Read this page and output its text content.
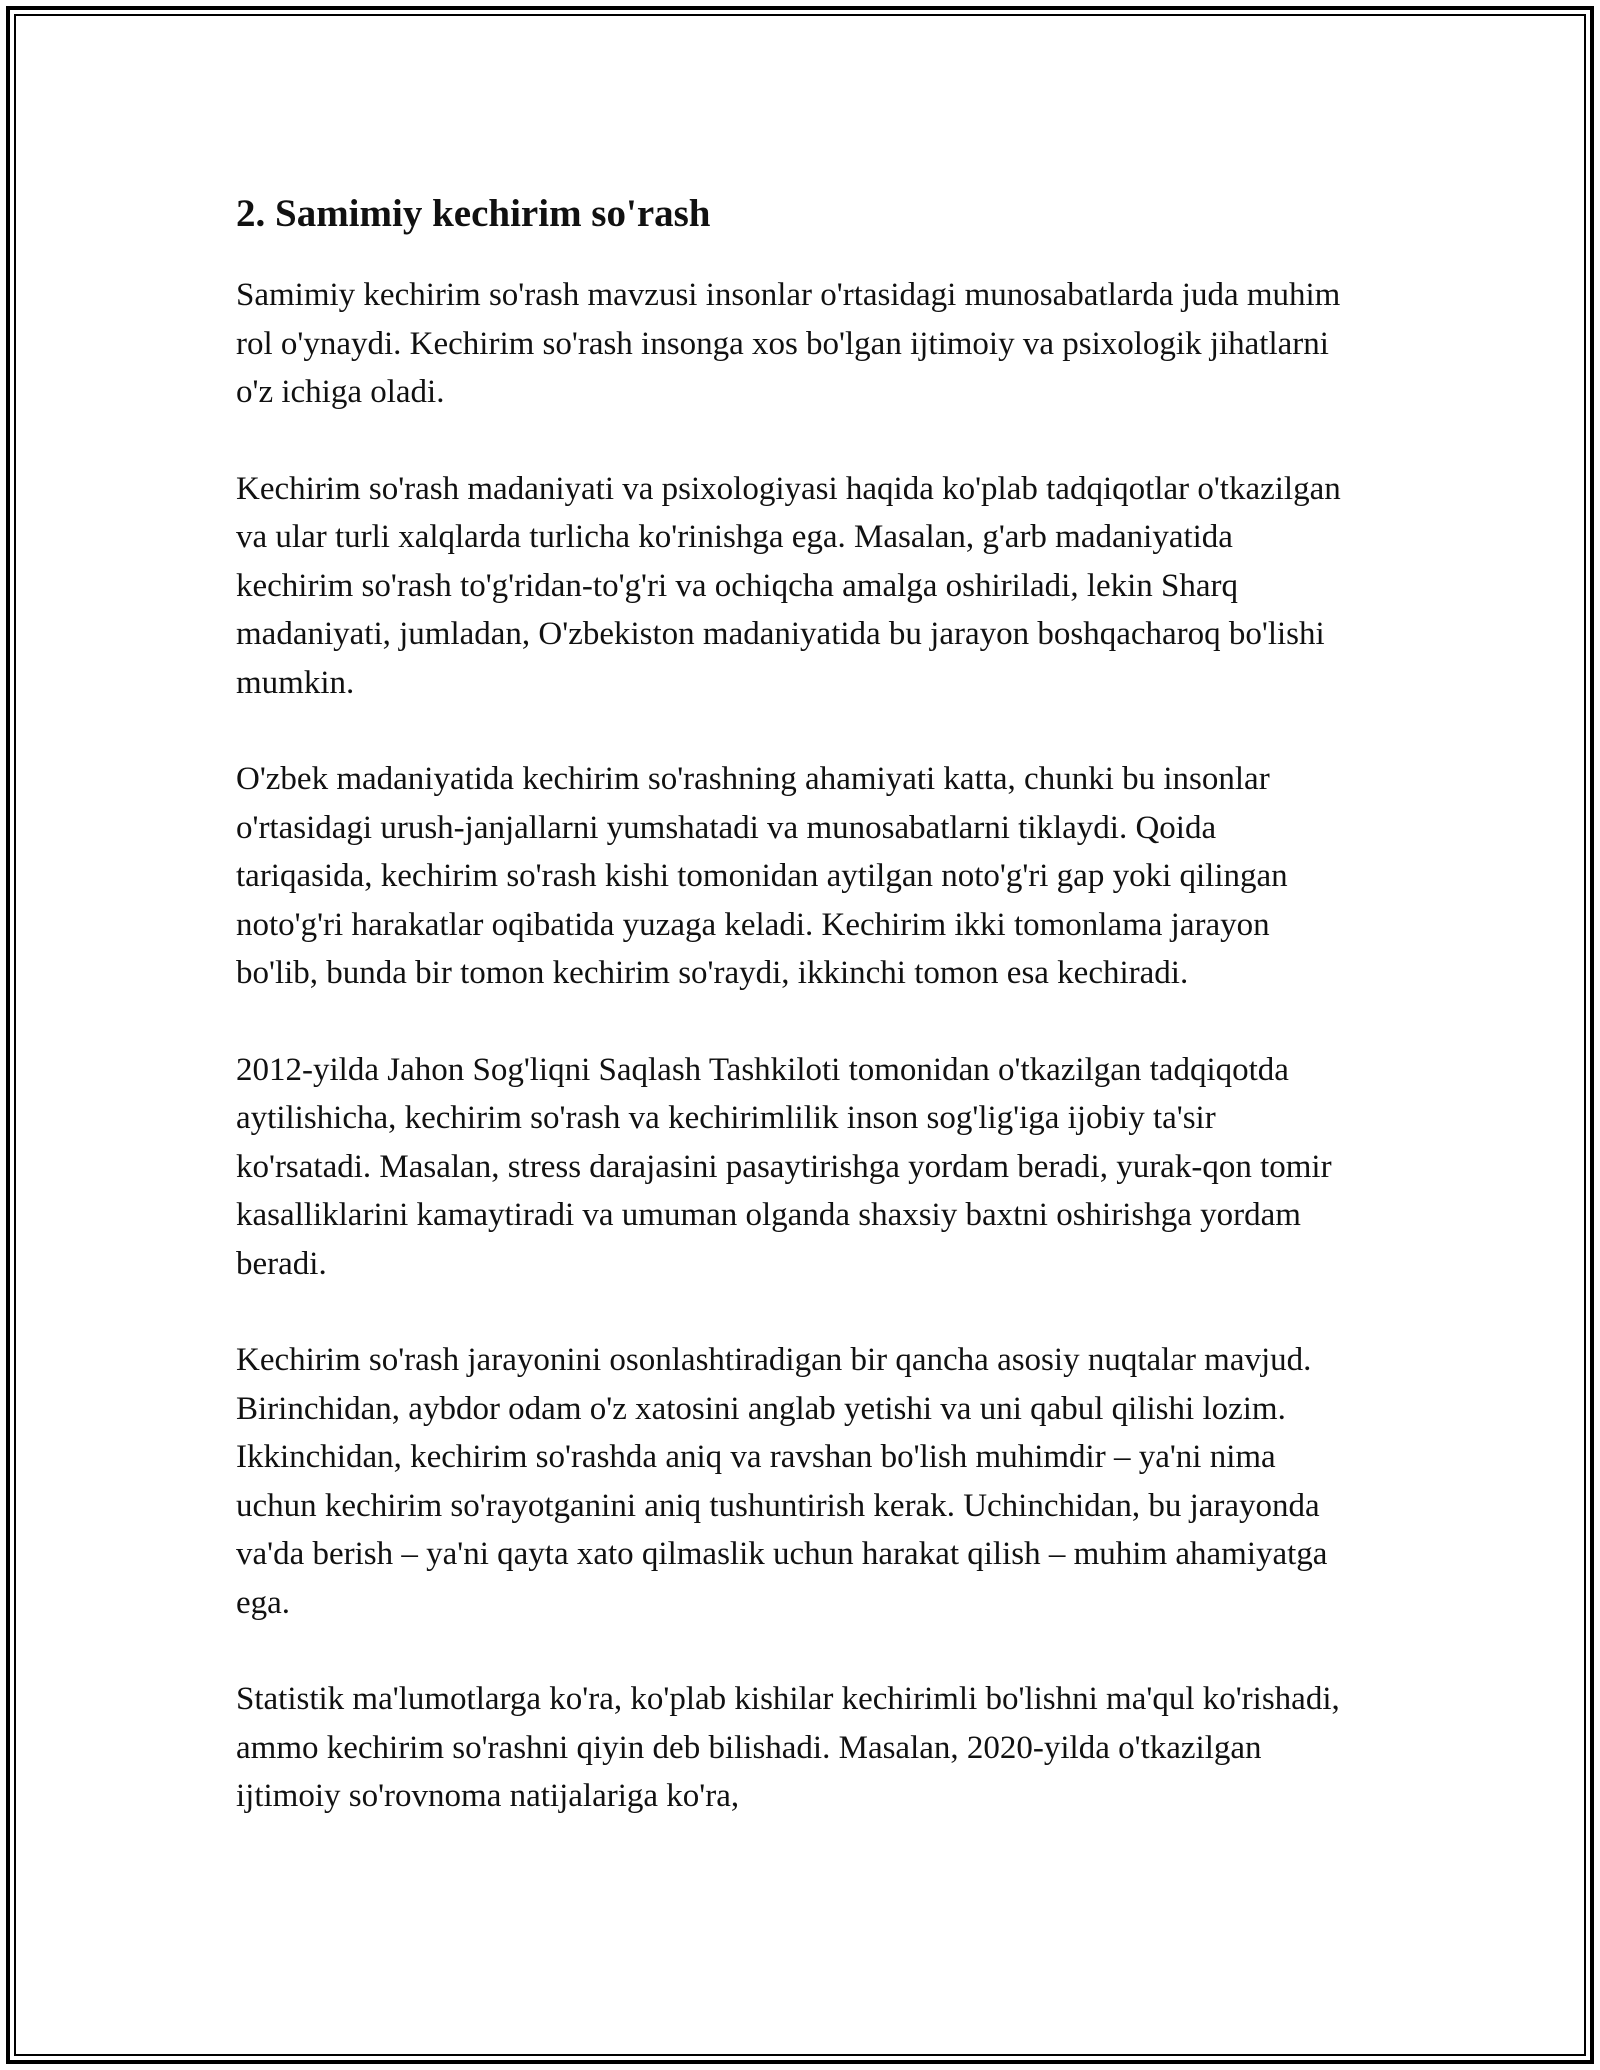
2. Samimiy kechirim so'rash

Samimiy kechirim so'rash mavzusi insonlar o'rtasidagi munosabatlarda juda muhim rol o'ynaydi. Kechirim so'rash insonga xos bo'lgan ijtimoiy va psixologik jihatlarni o'z ichiga oladi.

Kechirim so'rash madaniyati va psixologiyasi haqida ko'plab tadqiqotlar o'tkazilgan va ular turli xalqlarda turlicha ko'rinishga ega. Masalan, g'arb madaniyatida kechirim so'rash to'g'ridan-to'g'ri va ochiqcha amalga oshiriladi, lekin Sharq madaniyati, jumladan, O'zbekiston madaniyatida bu jarayon boshqacharoq bo'lishi mumkin.

O'zbek madaniyatida kechirim so'rashning ahamiyati katta, chunki bu insonlar o'rtasidagi urush-janjallarni yumshatadi va munosabatlarni tiklaydi. Qoida tariqasida, kechirim so'rash kishi tomonidan aytilgan noto'g'ri gap yoki qilingan noto'g'ri harakatlar oqibatida yuzaga keladi. Kechirim ikki tomonlama jarayon bo'lib, bunda bir tomon kechirim so'raydi, ikkinchi tomon esa kechiradi.

2012-yilda Jahon Sog'liqni Saqlash Tashkiloti tomonidan o'tkazilgan tadqiqotda aytilishicha, kechirim so'rash va kechirimlilik inson sog'lig'iga ijobiy ta'sir ko'rsatadi. Masalan, stress darajasini pasaytirishga yordam beradi, yurak-qon tomir kasalliklarini kamaytiradi va umuman olganda shaxsiy baxtni oshirishga yordam beradi.

Kechirim so'rash jarayonini osonlashtiradigan bir qancha asosiy nuqtalar mavjud. Birinchidan, aybdor odam o'z xatosini anglab yetishi va uni qabul qilishi lozim. Ikkinchidan, kechirim so'rashda aniq va ravshan bo'lish muhimdir – ya'ni nima uchun kechirim so'rayotganini aniq tushuntirish kerak. Uchinchidan, bu jarayonda va'da berish – ya'ni qayta xato qilmaslik uchun harakat qilish – muhim ahamiyatga ega.

Statistik ma'lumotlarga ko'ra, ko'plab kishilar kechirimli bo'lishni ma'qul ko'rishadi, ammo kechirim so'rashni qiyin deb bilishadi. Masalan, 2020-yilda o'tkazilgan ijtimoiy so'rovnoma natijalariga ko'ra,
